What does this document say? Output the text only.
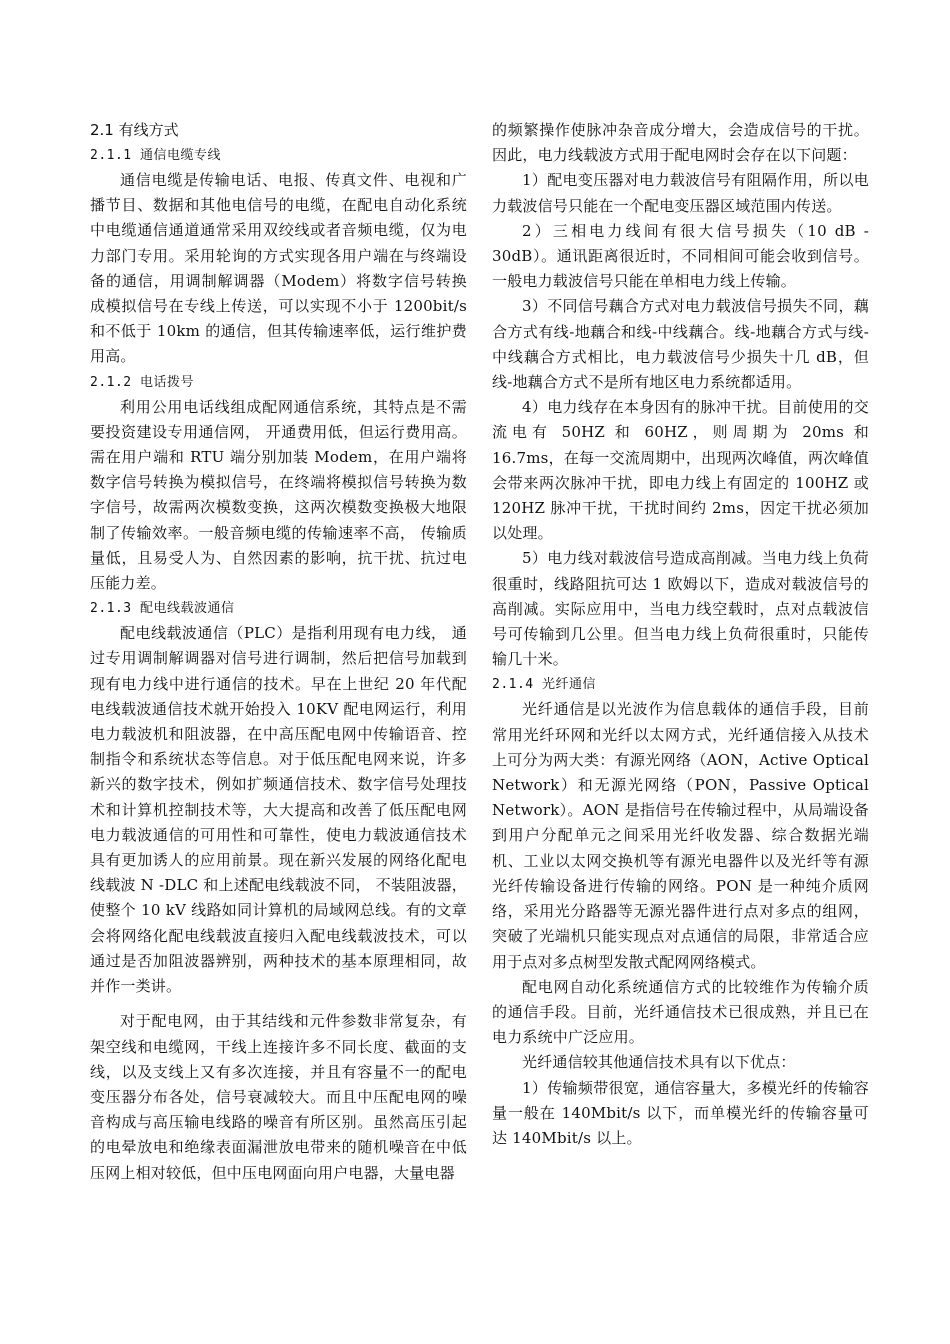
2.1 有线方式
2.1.1 通信电缆专线

通信电缆是传输电话、电报、传真文件、电视和广播节目、数据和其他电信号的电缆，在配电自动化系统中电缆通信通道通常采用双绞线或者音频电缆，仅为电力部门专用。采用轮询的方式实现各用户端在与终端设备的通信，用调制解调器（Modem）将数字信号转换成模拟信号在专线上传送，可以实现不小于 1200bit/s 和不低于 10km 的通信，但其传输速率低，运行维护费用高。

2.1.2 电话拨号

利用公用电话线组成配网通信系统，其特点是不需要投资建设专用通信网， 开通费用低，但运行费用高。需在用户端和 RTU 端分别加装 Modem，在用户端将数字信号转换为模拟信号，在终端将模拟信号转换为数字信号，故需两次模数变换，这两次模数变换极大地限制了传输效率。一般音频电缆的传输速率不高， 传输质量低，且易受人为、自然因素的影响，抗干扰、抗过电压能力差。

2.1.3 配电线载波通信

配电线载波通信（PLC）是指利用现有电力线， 通过专用调制解调器对信号进行调制，然后把信号加载到现有电力线中进行通信的技术。早在上世纪 20 年代配电线载波通信技术就开始投入 10KV 配电网运行，利用电力载波机和阻波器，在中高压配电网中传输语音、控制指令和系统状态等信息。对于低压配电网来说，许多新兴的数字技术，例如扩频通信技术、数字信号处理技术和计算机控制技术等，大大提高和改善了低压配电网电力载波通信的可用性和可靠性，使电力载波通信技术具有更加诱人的应用前景。现在新兴发展的网络化配电线载波 N -DLC 和上述配电线载波不同， 不装阻波器，使整个 10 kV 线路如同计算机的局域网总线。有的文章会将网络化配电线载波直接归入配电线载波技术，可以通过是否加阻波器辨别，两种技术的基本原理相同，故并作一类讲。

对于配电网，由于其结线和元件参数非常复杂，有架空线和电缆网，干线上连接许多不同长度、截面的支线，以及支线上又有多次连接，并且有容量不一的配电变压器分布各处，信号衰减较大。而且中压配电网的噪音构成与高压输电线路的噪音有所区别。虽然高压引起的电晕放电和绝缘表面漏泄放电带来的随机噪音在中低压网上相对较低，但中压电网面向用户电器，大量电器

的频繁操作使脉冲杂音成分增大，会造成信号的干扰。因此，电力线载波方式用于配电网时会存在以下问题：

1）配电变压器对电力载波信号有阻隔作用，所以电力载波信号只能在一个配电变压器区域范围内传送。

2）三相电力线间有很大信号损失（10 dB - 30dB）。通讯距离很近时，不同相间可能会收到信号。一般电力载波信号只能在单相电力线上传输。

3）不同信号藕合方式对电力载波信号损失不同，藕合方式有线-地藕合和线-中线藕合。线-地藕合方式与线-中线藕合方式相比，电力载波信号少损失十几 dB，但线-地藕合方式不是所有地区电力系统都适用。

4）电力线存在本身因有的脉冲干扰。目前使用的交流电有 50HZ 和 60HZ，则周期为 20ms 和 16.7ms，在每一交流周期中，出现两次峰值，两次峰值会带来两次脉冲干扰，即电力线上有固定的 100HZ 或 120HZ 脉冲干扰，干扰时间约 2ms，因定干扰必须加以处理。

5）电力线对载波信号造成高削减。当电力线上负荷很重时，线路阻抗可达 1 欧姆以下，造成对载波信号的高削减。实际应用中，当电力线空载时，点对点载波信号可传输到几公里。但当电力线上负荷很重时，只能传输几十米。

2.1.4 光纤通信

光纤通信是以光波作为信息载体的通信手段，目前常用光纤环网和光纤以太网方式，光纤通信接入从技术上可分为两大类：有源光网络（AON，Active Optical Network）和无源光网络（PON，Passive Optical Network）。AON 是指信号在传输过程中，从局端设备到用户分配单元之间采用光纤收发器、综合数据光端机、工业以太网交换机等有源光电器件以及光纤等有源光纤传输设备进行传输的网络。PON 是一种纯介质网络，采用光分路器等无源光器件进行点对多点的组网，突破了光端机只能实现点对点通信的局限，非常适合应用于点对多点树型发散式配网网络模式。

配电网自动化系统通信方式的比较维作为传输介质的通信手段。目前，光纤通信技术已很成熟，并且已在电力系统中广泛应用。

光纤通信较其他通信技术具有以下优点：

1）传输频带很宽，通信容量大，多模光纤的传输容量一般在 140Mbit/s 以下，而单模光纤的传输容量可达 140Mbit/s 以上。
